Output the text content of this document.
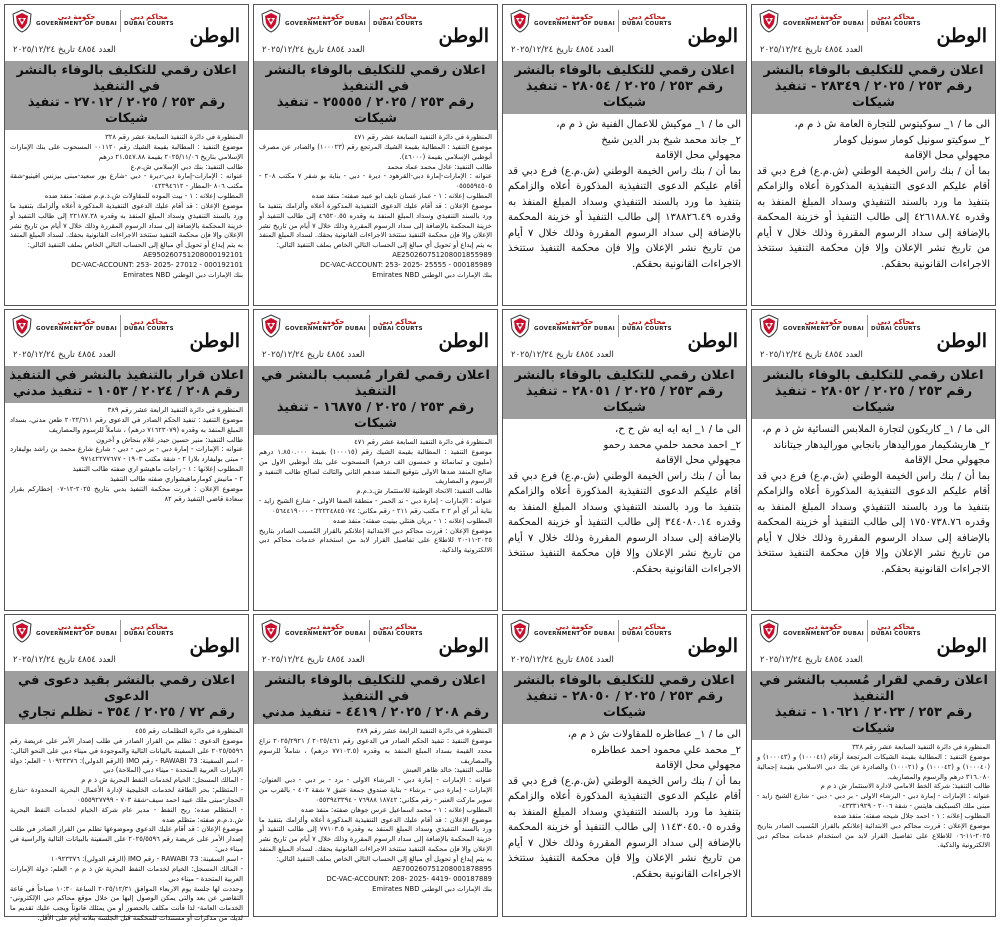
حكومة دبي
GOVERNMENT OF DUBAI
محاكم دبي
DUBAI COURTS
العدد ٤٨٥٤ تاريخ ٢٠٢٥/١٢/٢٤
الوطن
اعلان رقمي للتكليف بالوفاء بالنشر
رقم ٢٥٣ / ٢٠٢٥ / ٢٨٣٤٩ - تنفيذ شيكات

الى ما / ١_ سوكيتوس للتجارة العامة ش ذ م م،

٢_ سوكيتو سونيل كومار سونيل كومار

مجهولي محل الإقامة

بما أن / بنك راس الخيمة الوطني (ش.م.ع) فرع دبي قد أقام عليكم الدعوى التنفيذية المذكورة أعلاه والزامكم بتنفيذ ما ورد بالسند التنفيذي وسداد المبلغ المنفذ به وقدره ٤٢٦١٨٨.٧٤ إلى طالب التنفيذ أو خزينة المحكمة بالإضافة إلى سداد الرسوم المقررة وذلك خلال ٧ أيام من تاريخ نشر الإعلان وإلا فإن محكمة التنفيذ ستتخذ الاجراءات القانونية بحقكم.

حكومة دبي
GOVERNMENT OF DUBAI
محاكم دبي
DUBAI COURTS
العدد ٤٨٥٤ تاريخ ٢٠٢٥/١٢/٢٤
الوطن
اعلان رقمي للتكليف بالوفاء بالنشر
رقم ٢٥٣ / ٢٠٢٥ / ٢٨٠٥٤ - تنفيذ شيكات

الى ما / ١_ موكيش للاعمال الفنية ش ذ م م،

٢_ جاند محمد شيخ بدر الدين شيخ

مجهولي محل الإقامة

بما أن / بنك راس الخيمة الوطني (ش.م.ع) فرع دبي قد أقام عليكم الدعوى التنفيذية المذكورة أعلاه والزامكم بتنفيذ ما ورد بالسند التنفيذي وسداد المبلغ المنفذ به وقدره ١٣٨٨٢٦.٤٩ إلى طالب التنفيذ أو خزينة المحكمة بالإضافة إلى سداد الرسوم المقررة وذلك خلال ٧ أيام من تاريخ نشر الإعلان وإلا فإن محكمة التنفيذ ستتخذ الاجراءات القانونية بحقكم.

حكومة دبي
GOVERNMENT OF DUBAI
محاكم دبي
DUBAI COURTS
العدد ٤٨٥٤ تاريخ ٢٠٢٥/١٢/٢٤
الوطن
اعلان رقمي للتكليف بالوفاء بالنشر في التنفيذ
رقم ٢٥٣ / ٢٠٢٥ / ٢٥٥٥٥ - تنفيذ شيكات

المنظورة في دائرة التنفيذ السابعة عشر رقم ٤٧١

موضوع التنفيذ : المطالبة بقيمة الشيك المرتجع رقم (١٠٠٠٢٣) والصادر عن مصرف أبوظبي الإسلامي بقيمة (٤٦٠٠٠).

طالب التنفيذ: عادل محمد عماد محمد

عنوانه : الإمارات-إمارة دبي-القرهود - ديرة - دبي - بناية بو شقر ٧ مكتب ٢٠٨ - ٠٥٥٥٥٩٤٥٠٥

المطلوب إعلانه : ١ - عمار غسان نايف ابو عبيد صفته: منفذ ضده

موضوع الإعلان : قد أقام عليك الدعوى التنفيذية المذكورة أعلاه وألزامك بتنفيذ ما ورد بالسند التنفيذي وسداد المبلغ المنفذ به وقدره ٤٦٥٢٠.٥٥ إلى طالب التنفيذ أو خزينة المحكمة بالإضافة إلى سداد الرسوم المقررة وذلك خلال ٧ أيام من تاريخ نشر الإعلان وإلا فإن محكمة التنفيذ ستتخذ الاجراءات القانونية بحقك. لسداد المبلغ المنفذ به يتم إيداع أو تحويل أي مبالغ إلى الحساب التالي الخاص بملف التنفيذ التالي:

AE250260751208001855989

DC-VAC-ACCOUNT: 253- 2025- 25555 - 000185989

بنك الإمارات دبي الوطني Emirates NBD

حكومة دبي
GOVERNMENT OF DUBAI
محاكم دبي
DUBAI COURTS
العدد ٤٨٥٤ تاريخ ٢٠٢٥/١٢/٢٤
الوطن
اعلان رقمي للتكليف بالوفاء بالنشر في التنفيذ
رقم ٢٥٣ / ٢٠٢٥ / ٢٧٠١٢ - تنفيذ شيكات

المنظورة في دائرة التنفيذ السابعة عشر رقم ٣٢٨

موضوع التنفيذ : المطالبة بقيمة الشيك رقم ٠٠١١٢٠ المسحوب على بنك الإمارات الإسلامي بتاريخ ٢٠٢٥/١١/٠٦ بقيمة ٢١.٥٤٧.٨٨ درهم

طالب التنفيذ: بنك دبي الإسلامي ش.م.ع

عنوانه : الإمارات-إمارة دبي-ديرة - دبي -شارع بور سعيد-مبنى بيزنس افينيو-شقة مكتب ٨٠٦ -المطار - ٠٤٢٢٩٤٦١٢

المطلوب إعلانه : ١ - بيت الموده للمقاولات ش.ذ.م.م صفته: منفذ ضده

موضوع الإعلان : قد أقام عليك الدعوى التنفيذية المذكورة أعلاه وألزامك بتنفيذ ما ورد بالسند التنفيذي وسداد المبلغ المنفذ به وقدره ٢٢١٨٧.٣٨ إلى طالب التنفيذ أو خزينة المحكمة بالإضافة إلى سداد الرسوم المقررة وذلك خلال ٧ أيام من تاريخ نشر الإعلان وإلا فإن محكمة التنفيذ ستتخذ الاجراءات القانونية بحقك. لسداد المبلغ المنفذ به يتم إيداع أو تحويل أي مبالغ إلى الحساب التالي الخاص بملف التنفيذ التالي:

AE950260751208000192101

DC-VAC-ACCOUNT: 253- 2025- 27012 - 000192101

بنك الإمارات دبي الوطني Emirates NBD

حكومة دبي
GOVERNMENT OF DUBAI
محاكم دبي
DUBAI COURTS
العدد ٤٨٥٤ تاريخ ٢٠٢٥/١٢/٢٤
الوطن
اعلان رقمي للتكليف بالوفاء بالنشر
رقم ٢٥٣ / ٢٠٢٥ / ٢٨٠٥٢ - تنفيذ شيكات

الى ما / ١_ كاريكون لتجارة الملابس النسائية ش ذ م م،

٢_ هاريشكيمار موراليدهار بانجابي موراليدهار جيتاناند

مجهولي محل الإقامة

بما أن / بنك راس الخيمة الوطني (ش.م.ع) فرع دبي قد أقام عليكم الدعوى التنفيذية المذكورة أعلاه والزامكم بتنفيذ ما ورد بالسند التنفيذي وسداد المبلغ المنفذ به وقدره ١٧٥٠٧٣٨.٧٦ إلى طالب التنفيذ أو خزينة المحكمة بالإضافة إلى سداد الرسوم المقررة وذلك خلال ٧ أيام من تاريخ نشر الإعلان وإلا فإن محكمة التنفيذ ستتخذ الاجراءات القانونية بحقكم.

حكومة دبي
GOVERNMENT OF DUBAI
محاكم دبي
DUBAI COURTS
العدد ٤٨٥٤ تاريخ ٢٠٢٥/١٢/٢٤
الوطن
اعلان رقمي للتكليف بالوفاء بالنشر
رقم ٢٥٣ / ٢٠٢٥ / ٢٨٠٥١ - تنفيذ شيكات

الى ما / ١_ ايه ايه ايه ش ح ح،

٢_ احمد محمد حلمي محمد رحمو

مجهولي محل الإقامة

بما أن / بنك راس الخيمة الوطني (ش.م.ع) فرع دبي قد أقام عليكم الدعوى التنفيذية المذكورة أعلاه والزامكم بتنفيذ ما ورد بالسند التنفيذي وسداد المبلغ المنفذ به وقدره ٣٤٤٠٨٠.١٤ إلى طالب التنفيذ أو خزينة المحكمة بالإضافة إلى سداد الرسوم المقررة وذلك خلال ٧ أيام من تاريخ نشر الإعلان وإلا فإن محكمة التنفيذ ستتخذ الاجراءات القانونية بحقكم.

حكومة دبي
GOVERNMENT OF DUBAI
محاكم دبي
DUBAI COURTS
العدد ٤٨٥٤ تاريخ ٢٠٢٥/١٢/٢٤
الوطن
اعلان رقمي لقرار مُسبب بالنشر في التنفيذ
رقم ٢٥٣ / ٢٠٢٥ / ١٦٨٧٥ - تنفيذ شيكات

المنظورة في دائرة التنفيذ السابعة عشر رقم ٤٧١

موضوع التنفيذ : المطالبة بقيمة الشيك رقم (١٠٠٠١٥) بقيمة ١.٨٥٠.٠٠٠ درهم (مليون و ثمانمائة و خمسون الف درهم) المسحوب على بنك أبوظبي الاول من صالح المنفذ ضدها الاولى بتوقيع المنفذ ضدهم الثاني والثالث لصالح طالب التنفيذ و الرسوم و المصاريف

طالب التنفيذ: الاتحاد الوطنية للاستثمار ش.ذ.م.م

عنوانه : الإمارات - إمارة دبي - ند الحمر - منطقة الصفا الاولى - شارع الشيخ زايد - بناية أبر آي أم ٢ ٢ مكتب رقم ٢١١ - رقم مكاني: ٢٢٢٢٤٨٤٥٠٧٤ - ٠٥٦٤٤١٩٠٠٠

المطلوب إعلانه : ١ - بريان هنتلي بينيت صفته: منفذ ضده

موضوع الإعلان : قررت محاكم دبي الابتدائية إعلانكم بالقرار المُسبب الصادر بتاريخ ٢٠٢٥-١١-٢٠ للاطلاع على تفاصيل القرار لابد من استخدام خدمات محاكم دبي الالكترونية والذكية.

حكومة دبي
GOVERNMENT OF DUBAI
محاكم دبي
DUBAI COURTS
العدد ٤٨٥٤ تاريخ ٢٠٢٥/١٢/٢٤
الوطن
اعلان قرار بالتنفيذ بالنشر في التنفيذ
رقم ٢٠٨ / ٢٠٢٤ / ١٠٥٣ - تنفيذ مدني

المنظورة في دائرة التنفيذ الرابعة عشر رقم ٣٨٩

موضوع التنفيذ : تنفيذ الحكم الصادر في الدعوى رقم ٢٠٢٢/٦١١ طعن مدني، بسداد المبلغ المنفذ به وقدره (٧١٦٢٣٠٧٩ درهم) ، شاملاً للرسوم والمصاريف

طالب التنفيذ: منير حسين حيدر غلام بنجاش و آخرون

عنوانه : الإمارات - إمارة دبي - بر دبي - دبي - شارع شارع محمد بن راشد بوليفارد - مبنى بوليفارد بلازا ٢ - شقة مكتب ١٩٠٣ - ٩٧١٤٢٢٧٧٦٧٧

المطلوب إعلانها : ١ - راجات ماهيشو اري صفته طالب التنفيذ

٢ - مانيش كومارماهيشواري صفته طالب التنفيذ

موضوع الإعلان : قررت محكمة التنفيذ بدبي بتاريخ ٢٠٢٥-١٢-٠٧ إخطاركم بقرار سعادة قاضي التنفيذ رقم ٨٢

حكومة دبي
GOVERNMENT OF DUBAI
محاكم دبي
DUBAI COURTS
العدد ٤٨٥٤ تاريخ ٢٠٢٥/١٢/٢٤
الوطن
اعلان رقمي لقرار مُسبب بالنشر في التنفيذ
رقم ٢٥٣ / ٢٠٢٣ / ١٠٦٢١ - تنفيذ شيكات

المنظورة في دائرة التنفيذ السابعة عشر رقم ٣٢٨

موضوع التنفيذ : المطالبة بقيمة الشيكات المرتجعة أرقام (١٠٠٠٤١) و (١٠٠٠٤٣) و (١٠٠٠٤٠) و (١٠٠٠٤٢) و (١٠٠٠٢١) والصادرة عن بنك دبي الاسلامي بقيمة إجمالية ٣١٦.٠٨٠ درهم والرسوم والمصاريف.

طالب التنفيذ: شركة الخط الامامي لادارة الاستثمار ش ذ م م

عنوانه : الإمارات - إمارة دبي - البرشاء الاولى - بر دبي - دبي - شارع الشيخ زايد - مبنى ملك اكسبكيف هايتس - شقة ٢٠٠٦ - ٠٤٣٣٣١٩٢٩

المطلوب إعلانه : ١ - احمد جلال شيحه صفته: منفذ ضده

موضوع الإعلان : قررت محاكم دبي الابتدائية إعلانكم بالقرار المُسبب الصادر بتاريخ ٢٠٢٥-١١-٠٦ للاطلاع على تفاصيل القرار لابد من استخدام خدمات محاكم دبي الالكترونية والذكية.

حكومة دبي
GOVERNMENT OF DUBAI
محاكم دبي
DUBAI COURTS
العدد ٤٨٥٤ تاريخ ٢٠٢٥/١٢/٢٤
الوطن
اعلان رقمي للتكليف بالوفاء بالنشر
رقم ٢٥٣ / ٢٠٢٥ / ٢٨٠٥٠ - تنفيذ شيكات

الى ما / ١_ عطاظره للمقاولات ش ذ م م،

٢_ محمد علي محمود احمد عطاظره

مجهولي محل الإقامة

بما أن / بنك راس الخيمة الوطني (ش.م.ع) فرع دبي قد أقام عليكم الدعوى التنفيذية المذكورة أعلاه والزامكم بتنفيذ ما ورد بالسند التنفيذي وسداد المبلغ المنفذ به وقدره ١١٤٣٠٤٥.٠٥ إلى طالب التنفيذ أو خزينة المحكمة بالإضافة إلى سداد الرسوم المقررة وذلك خلال ٧ أيام من تاريخ نشر الإعلان وإلا فإن محكمة التنفيذ ستتخذ الاجراءات القانونية بحقكم.

حكومة دبي
GOVERNMENT OF DUBAI
محاكم دبي
DUBAI COURTS
العدد ٤٨٥٤ تاريخ ٢٠٢٥/١٢/٢٤
الوطن
اعلان رقمي للتكليف بالوفاء بالنشر في التنفيذ
رقم ٢٠٨ / ٢٠٢٥ / ٤٤١٩ - تنفيذ مدني

المنظورة في دائرة التنفيذ الرابعة عشر رقم ٣٨٩

موضوع التنفيذ : تنفيذ الحكم الصادر في الدعوى رقم ٢٠٢٥/٤٦١ / ٢٠٢٥/٢٩٢١ نزاع محدد القيمة بسداد المبلغ المنفذ به وقدره (٧٧١٠٣.٥ درهم) ، شاملاً للرسوم والمصاريف

طالب التنفيذ: خالد ظاهر العيش

عنوانه : الإمارات - إمارة دبي - البرشاء الاولى - برد - بر دبي - دبي العنوان: الإمارات - إمارة دبي - برشاء - بناية صندوق جمعة عتيق ٧ شقة ٤٠٢ - بالقرب من سوبر ماركت العنبر - رقم مكاني: ١٨٧٤٢ ٧٦٩٨٨ - ٠٥٥٣٩٤٣٣٩٤

المطلوب إعلانه : ١ - محمد اسماعيل عرس جوهان صفته: منفذ ضده

موضوع الإعلان : قد أقام عليك الدعوى التنفيذية المذكورة أعلاه وألزامك بتنفيذ ما ورد بالسند التنفيذي وسداد المبلغ المنفذ به وقدره ٧٧١٠٣.٥ إلى طالب التنفيذ أو خزينة المحكمة بالإضافة إلى سداد الرسوم المقررة وذلك خلال ٧ أيام من تاريخ نشر الإعلان وإلا فإن محكمة التنفيذ ستتخذ الاجراءات القانونية بحقك. لسداد المبلغ المنفذ به يتم إيداع أو تحويل أي مبالغ إلى الحساب التالي الخاص بملف التنفيذ التالي:

AE700260751208001878895

DC-VAC-ACCOUNT: 208- 2025- 4419- 000187889

بنك الإمارات دبي الوطني Emirates NBD

حكومة دبي
GOVERNMENT OF DUBAI
محاكم دبي
DUBAI COURTS
العدد ٤٨٥٤ تاريخ ٢٠٢٥/١٢/٢٤
الوطن
اعلان رقمي بالنشر بقيد دعوى في الدعوى
رقم ٧٢ / ٢٠٢٥ / ٣٥٤ - تظلم تجاري

المنظورة في دائرة التظلمات رقم ٤٥٥

موضوع الدعوى : تظلم من القرار الصادر في طلب إصدار الأمر على عريضة رقم ٢٠٢٥/٥٥٩٦ على السفينة بالبيانات التالية والموجودة في ميناء دبي على النحو التالي:

- اسم السفينة: RAWABI 73 - رقم IMO (الرقم الدولي): ١٠٩٢٣٣٧٦ - العلم: دولة الإمارات العربية المتحدة - ميناء دبي (الملاحة) دبي

- المالك المسجل: الخيام لخدمات النفط البحرية ش ذ م م

- المتظلم: بحر الطاقة لخدمات الخليجية لإدارة الأعمال البحرية المحدودة -شارع الحجاز-مبنى ملك عبيد احمد سيف-شقة ٧٠٣ - ٠٥٥٥٩٢٧٧٩٩

- المتظلم ضده: ربح النفط - مدير عام شركة الخيام لخدمات النفط البحرية ش.ذ.م.م صفته: متظلم ضده

موضوع الإعلان : قد أقام عليك الدعوى وموضوعها تظلم من القرار الصادر في طلب إصدار الأمر على عريضة رقم ٢٠٢٥/٥٥٩٦ على السفينة بالبيانات التالية والراسية في ميناء دبي:

- اسم السفينة: RAWABI 73 - رقم IMO (الرقم الدولي): ١٠٩٢٣٣٧٦

- المالك المسجل: الخيام لخدمات النفط البحرية ش ذ م م - العلم: دولة الإمارات العربية المتحدة - ميناء دبي

وحددت لها جلسة يوم الاربعاء الموافق ٢٠٢٥/١٢/٣١ الساعة ١٠:٣٠ صباحاً في قاعة التقاضي عن بعد والتي يمكن الوصول إليها من خلال موقع محاكم دبي الإلكتروني-الخدمات العامة- لذا فأنت مكلف بالحضور أو من يمثلك قانوناً ويجب عليك تقديم ما لديك من مذكرات أو مستندات للمحكمة قبل الجلسة بثلاثة أيام على الأقل.
